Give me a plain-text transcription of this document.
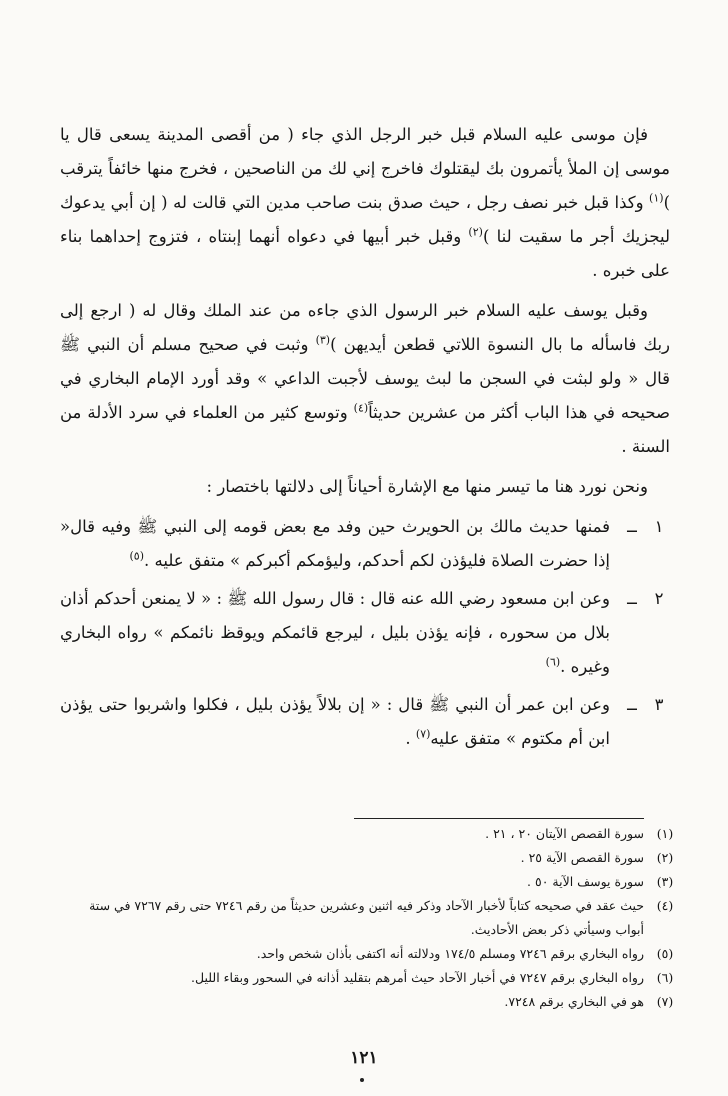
فإن موسى عليه السلام قبل خبر الرجل الذي جاء ( من أقصى المدينة يسعى قال يا موسى إن الملأ يأتمرون بك ليقتلوك فاخرج إني لك من الناصحين ، فخرج منها خائفاً يترقب )$^{(١)}$ وكذا قبل خبر نصف رجل ، حيث صدق بنت صاحب مدين التي قالت له ( إن أبي يدعوك ليجزيك أجر ما سقيت لنا )$^{(٢)}$ وقبل خبر أبيها في دعواه أنهما إبنتاه ، فتزوج إحداهما بناء على خبره .

وقبل يوسف عليه السلام خبر الرسول الذي جاءه من عند الملك وقال له ( ارجع إلى ربك فاسأله ما بال النسوة اللاتي قطعن أيديهن )$^{(٣)}$ وثبت في صحيح مسلم أن النبي ﷺ قال « ولو لبثت في السجن ما لبث يوسف لأجبت الداعي » وقد أورد الإمام البخاري في صحيحه في هذا الباب أكثر من عشرين حديثاً$^{(٤)}$ وتوسع كثير من العلماء في سرد الأدلة من السنة .

ونحن نورد هنا ما تيسر منها مع الإشارة أحياناً إلى دلالتها باختصار :

١
ــ
فمنها حديث مالك بن الحويرث حين وفد مع بعض قومه إلى النبي ﷺ وفيه قال« إذا حضرت الصلاة فليؤذن لكم أحدكم، وليؤمكم أكبركم » متفق عليه .$^{(٥)}$
٢
ــ
وعن ابن مسعود رضي الله عنه قال : قال رسول الله ﷺ : « لا يمنعن أحدكم أذان بلال من سحوره ، فإنه يؤذن بليل ، ليرجع قائمكم ويوقظ نائمكم » رواه البخاري وغيره .$^{(٦)}$
٣
ــ
وعن ابن عمر أن النبي ﷺ قال : « إن بلالاً يؤذن بليل ، فكلوا واشربوا حتى يؤذن ابن أم مكتوم » متفق عليه$^{(٧)}$ .
(١)
سورة القصص الآيتان ٢٠ ، ٢١ .
(٢)
سورة القصص الآية ٢٥ .
(٣)
سورة يوسف الآية ٥٠ .
(٤)
حيث عقد في صحيحه كتاباً لأخبار الآحاد وذكر فيه اثنين وعشرين حديثاً من رقم ٧٢٤٦ حتى رقم ٧٢٦٧ في ستة أبواب وسيأتي ذكر بعض الأحاديث.
(٥)
رواه البخاري برقم ٧٢٤٦ ومسلم ١٧٤/٥ ودلالته أنه اكتفى بأذان شخص واحد.
(٦)
رواه البخاري برقم ٧٢٤٧ في أخبار الآحاد حيث أمرهم بتقليد أذانه في السحور وبقاء الليل.
(٧)
هو في البخاري برقم ٧٢٤٨.
١٢١
